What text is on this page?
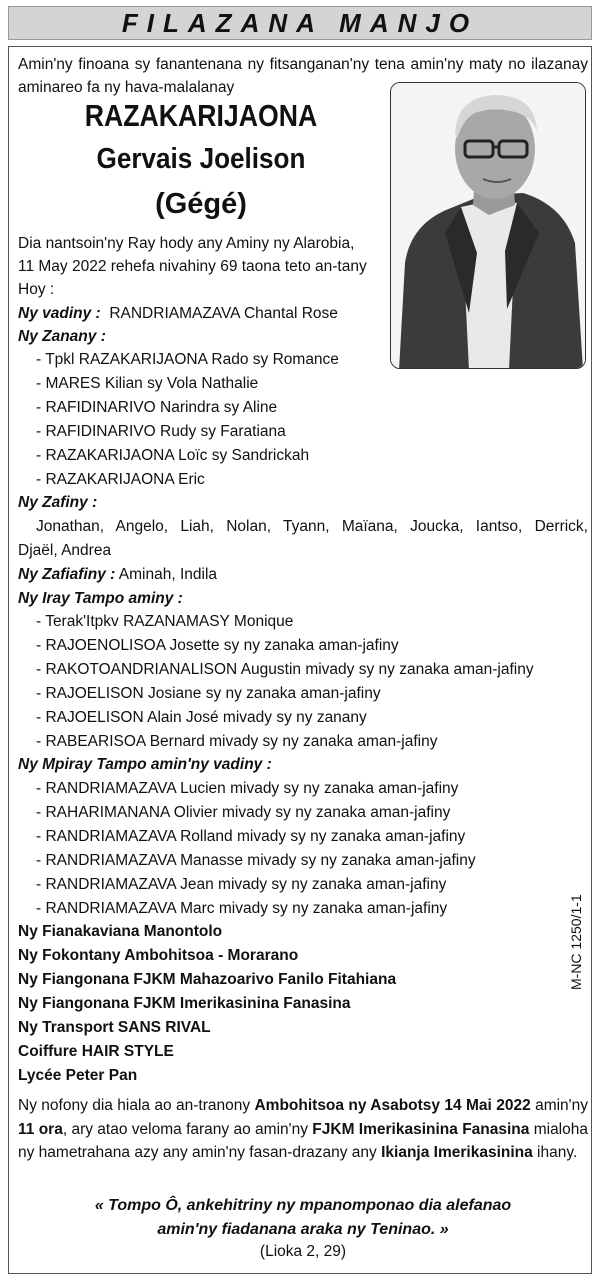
FILAZANA MANJO
Amin'ny finoana sy fanantenana ny fitsanganan'ny tena amin'ny maty no ilazanay aminareo fa ny hava-malalanay
RAZAKARIJAONA
Gervais Joelison
(Gégé)
Dia nantsoin'ny Ray hody any Aminy ny Alarobia,
11 May 2022 rehefa nivahiny 69 taona teto an-tany
Hoy :
Ny vadiny : RANDRIAMAZAVA Chantal Rose
Ny Zanany :
- Tpkl RAZAKARIJAONA Rado sy Romance
- MARES Kilian sy Vola Nathalie
- RAFIDINARIVO Narindra sy Aline
- RAFIDINARIVO Rudy sy Faratiana
- RAZAKARIJAONA Loïc sy Sandrickah
- RAZAKARIJAONA Eric
Ny Zafiny :
Jonathan, Angelo, Liah, Nolan, Tyann, Maïana, Joucka, Iantso, Derrick,
Djaël, Andrea
Ny Zafiafiny : Aminah, Indila
Ny Iray Tampo aminy :
- Terak'Itpkv RAZANAMASY Monique
- RAJOENOLISOA Josette sy ny zanaka aman-jafiny
- RAKOTOANDRIANALISON Augustin mivady sy ny zanaka aman-jafiny
- RAJOELISON Josiane sy ny zanaka aman-jafiny
- RAJOELISON Alain José mivady sy ny zanany
- RABEARISOA Bernard mivady sy ny zanaka aman-jafiny
Ny Mpiray Tampo amin'ny vadiny :
- RANDRIAMAZAVA Lucien mivady sy ny zanaka aman-jafiny
- RAHARIMANANA Olivier mivady sy ny zanaka aman-jafiny
- RANDRIAMAZAVA Rolland mivady sy ny zanaka aman-jafiny
- RANDRIAMAZAVA Manasse mivady sy ny zanaka aman-jafiny
- RANDRIAMAZAVA Jean mivady sy ny zanaka aman-jafiny
- RANDRIAMAZAVA Marc mivady sy ny zanaka aman-jafiny
Ny Fianakaviana Manontolo
Ny Fokontany Ambohitsoa - Morarano
Ny Fiangonana FJKM Mahazoarivo Fanilo Fitahiana
Ny Fiangonana FJKM Imerikasinina Fanasina
Ny Transport SANS RIVAL
Coiffure HAIR STYLE
Lycée Peter Pan
M-NC 1250/1-1
Ny nofony dia hiala ao an-tranony Ambohitsoa ny Asabotsy 14 Mai 2022 amin'ny 11 ora, ary atao veloma farany ao amin'ny FJKM Imerikasinina Fanasina mialoha ny hametrahana azy any amin'ny fasan-drazany any Ikianja Imerikasinina ihany.
« Tompo Ô, ankehitriny ny mpanomponao dia alefanao
amin'ny fiadanana araka ny Teninao. »
(Lioka 2, 29)
